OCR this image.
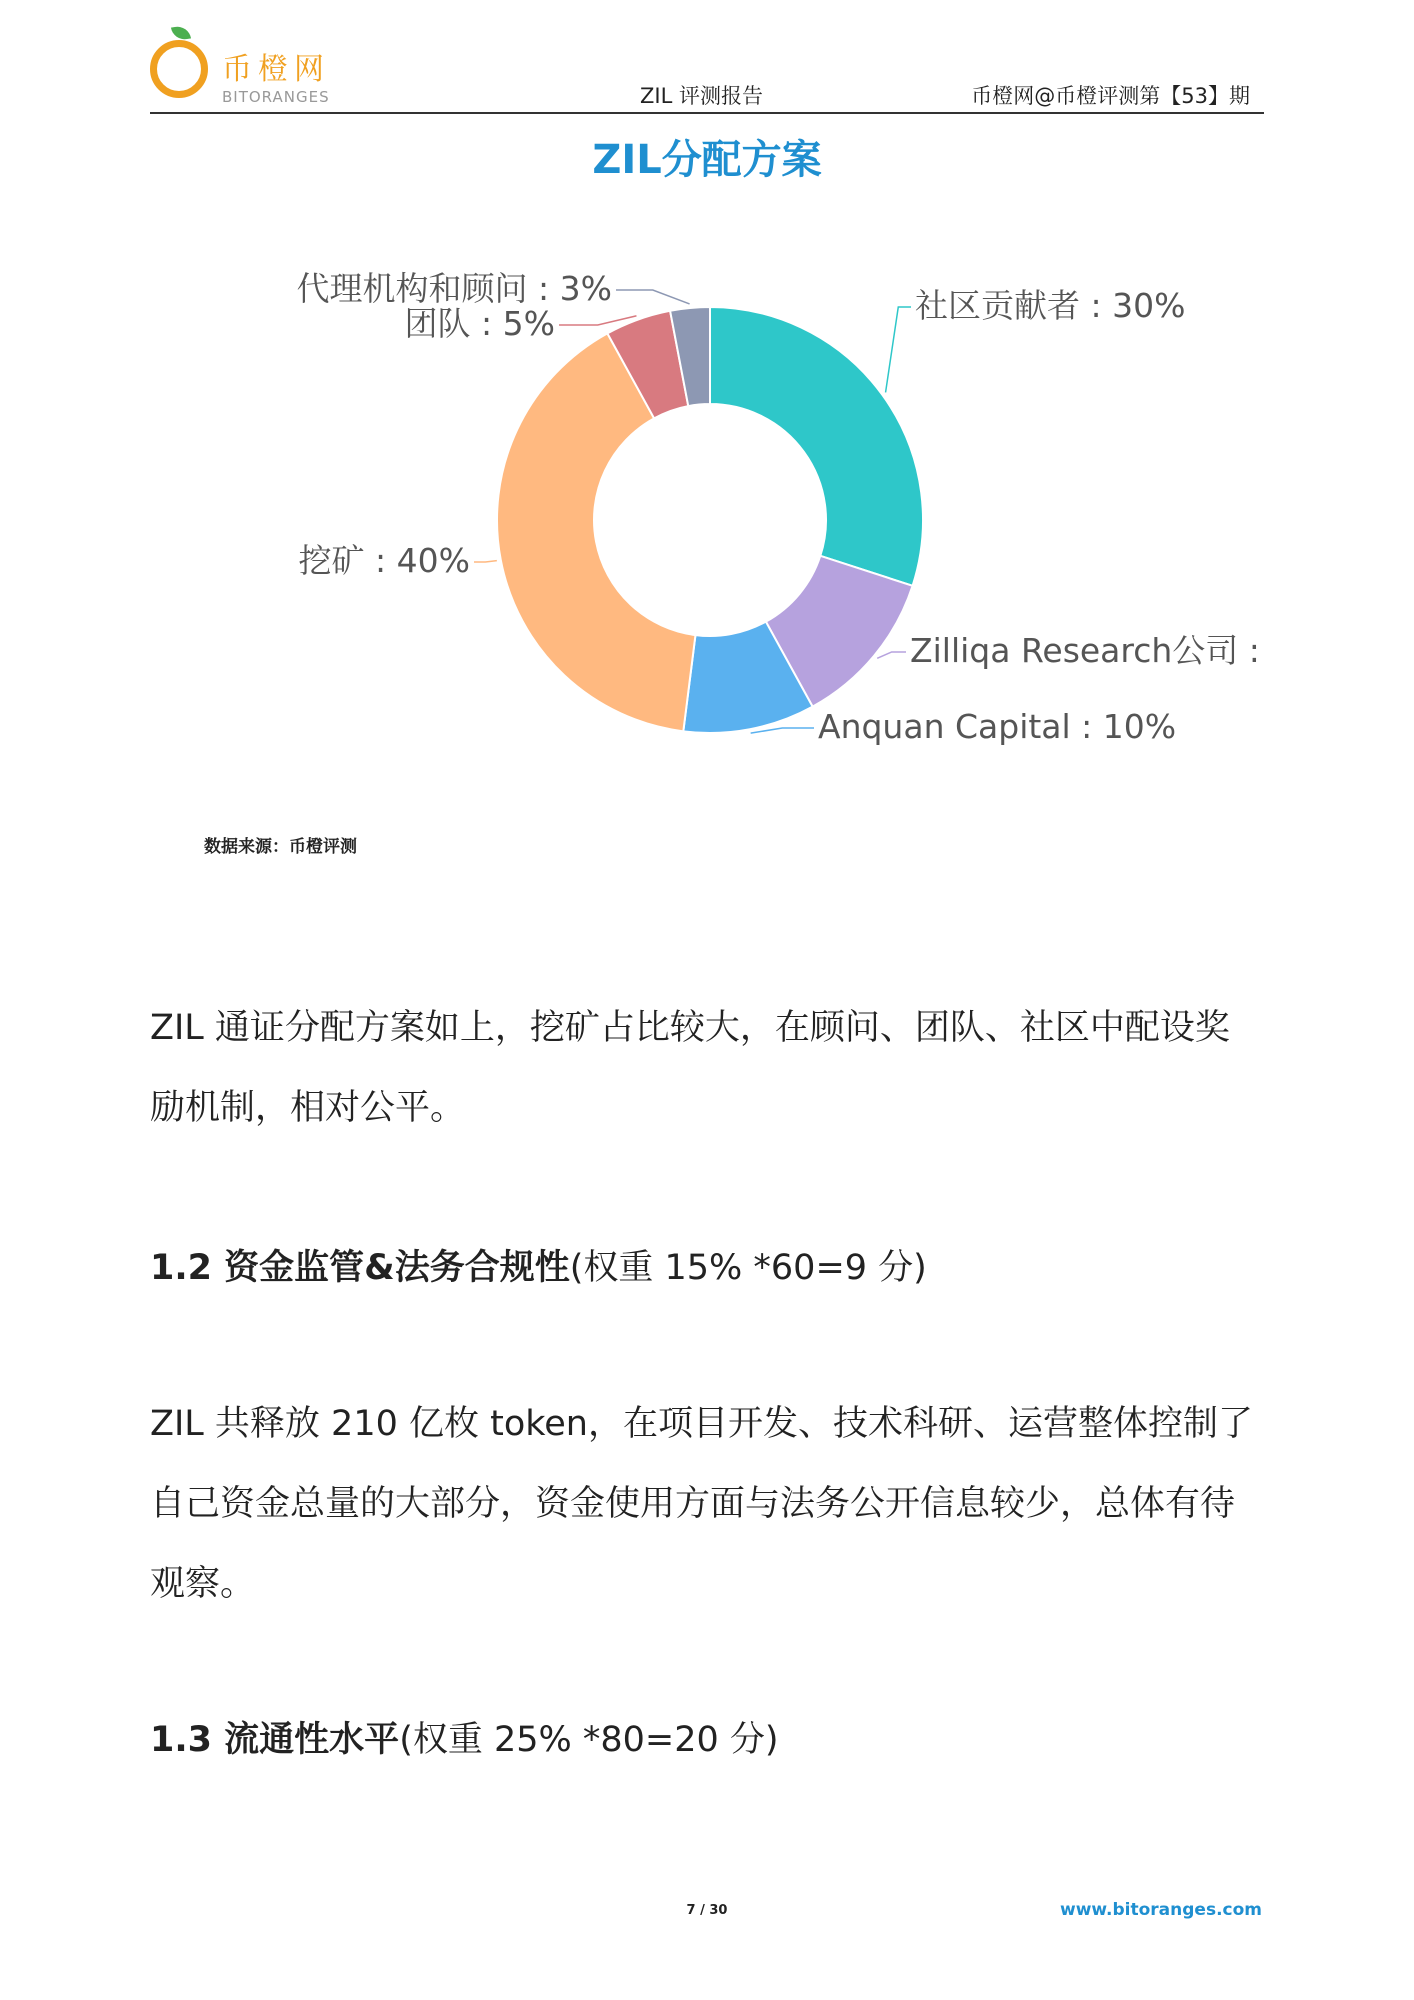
币橙网
BITORANGES	ZIL 评测报告	币橙网@币橙评测第【53】期
ZIL分配方案
社区贡献者 : 30%
Zilliqa Research公司 :
Anquan Capital : 10%
挖矿 : 40%
团队 : 5%
代理机构和顾问 : 3%
数据来源：币橙评测
ZIL 通证分配方案如上，挖矿占比较大，在顾问、团队、社区中配设奖励机制，相对公平。
1.2 资金监管&法务合规性(权重 15% *60=9 分)
ZIL 共释放 210 亿枚 token，在项目开发、技术科研、运营整体控制了自己资金总量的大部分，资金使用方面与法务公开信息较少，总体有待观察。
1.3 流通性水平(权重 25% *80=20 分)
7 / 30	www.bitoranges.com
